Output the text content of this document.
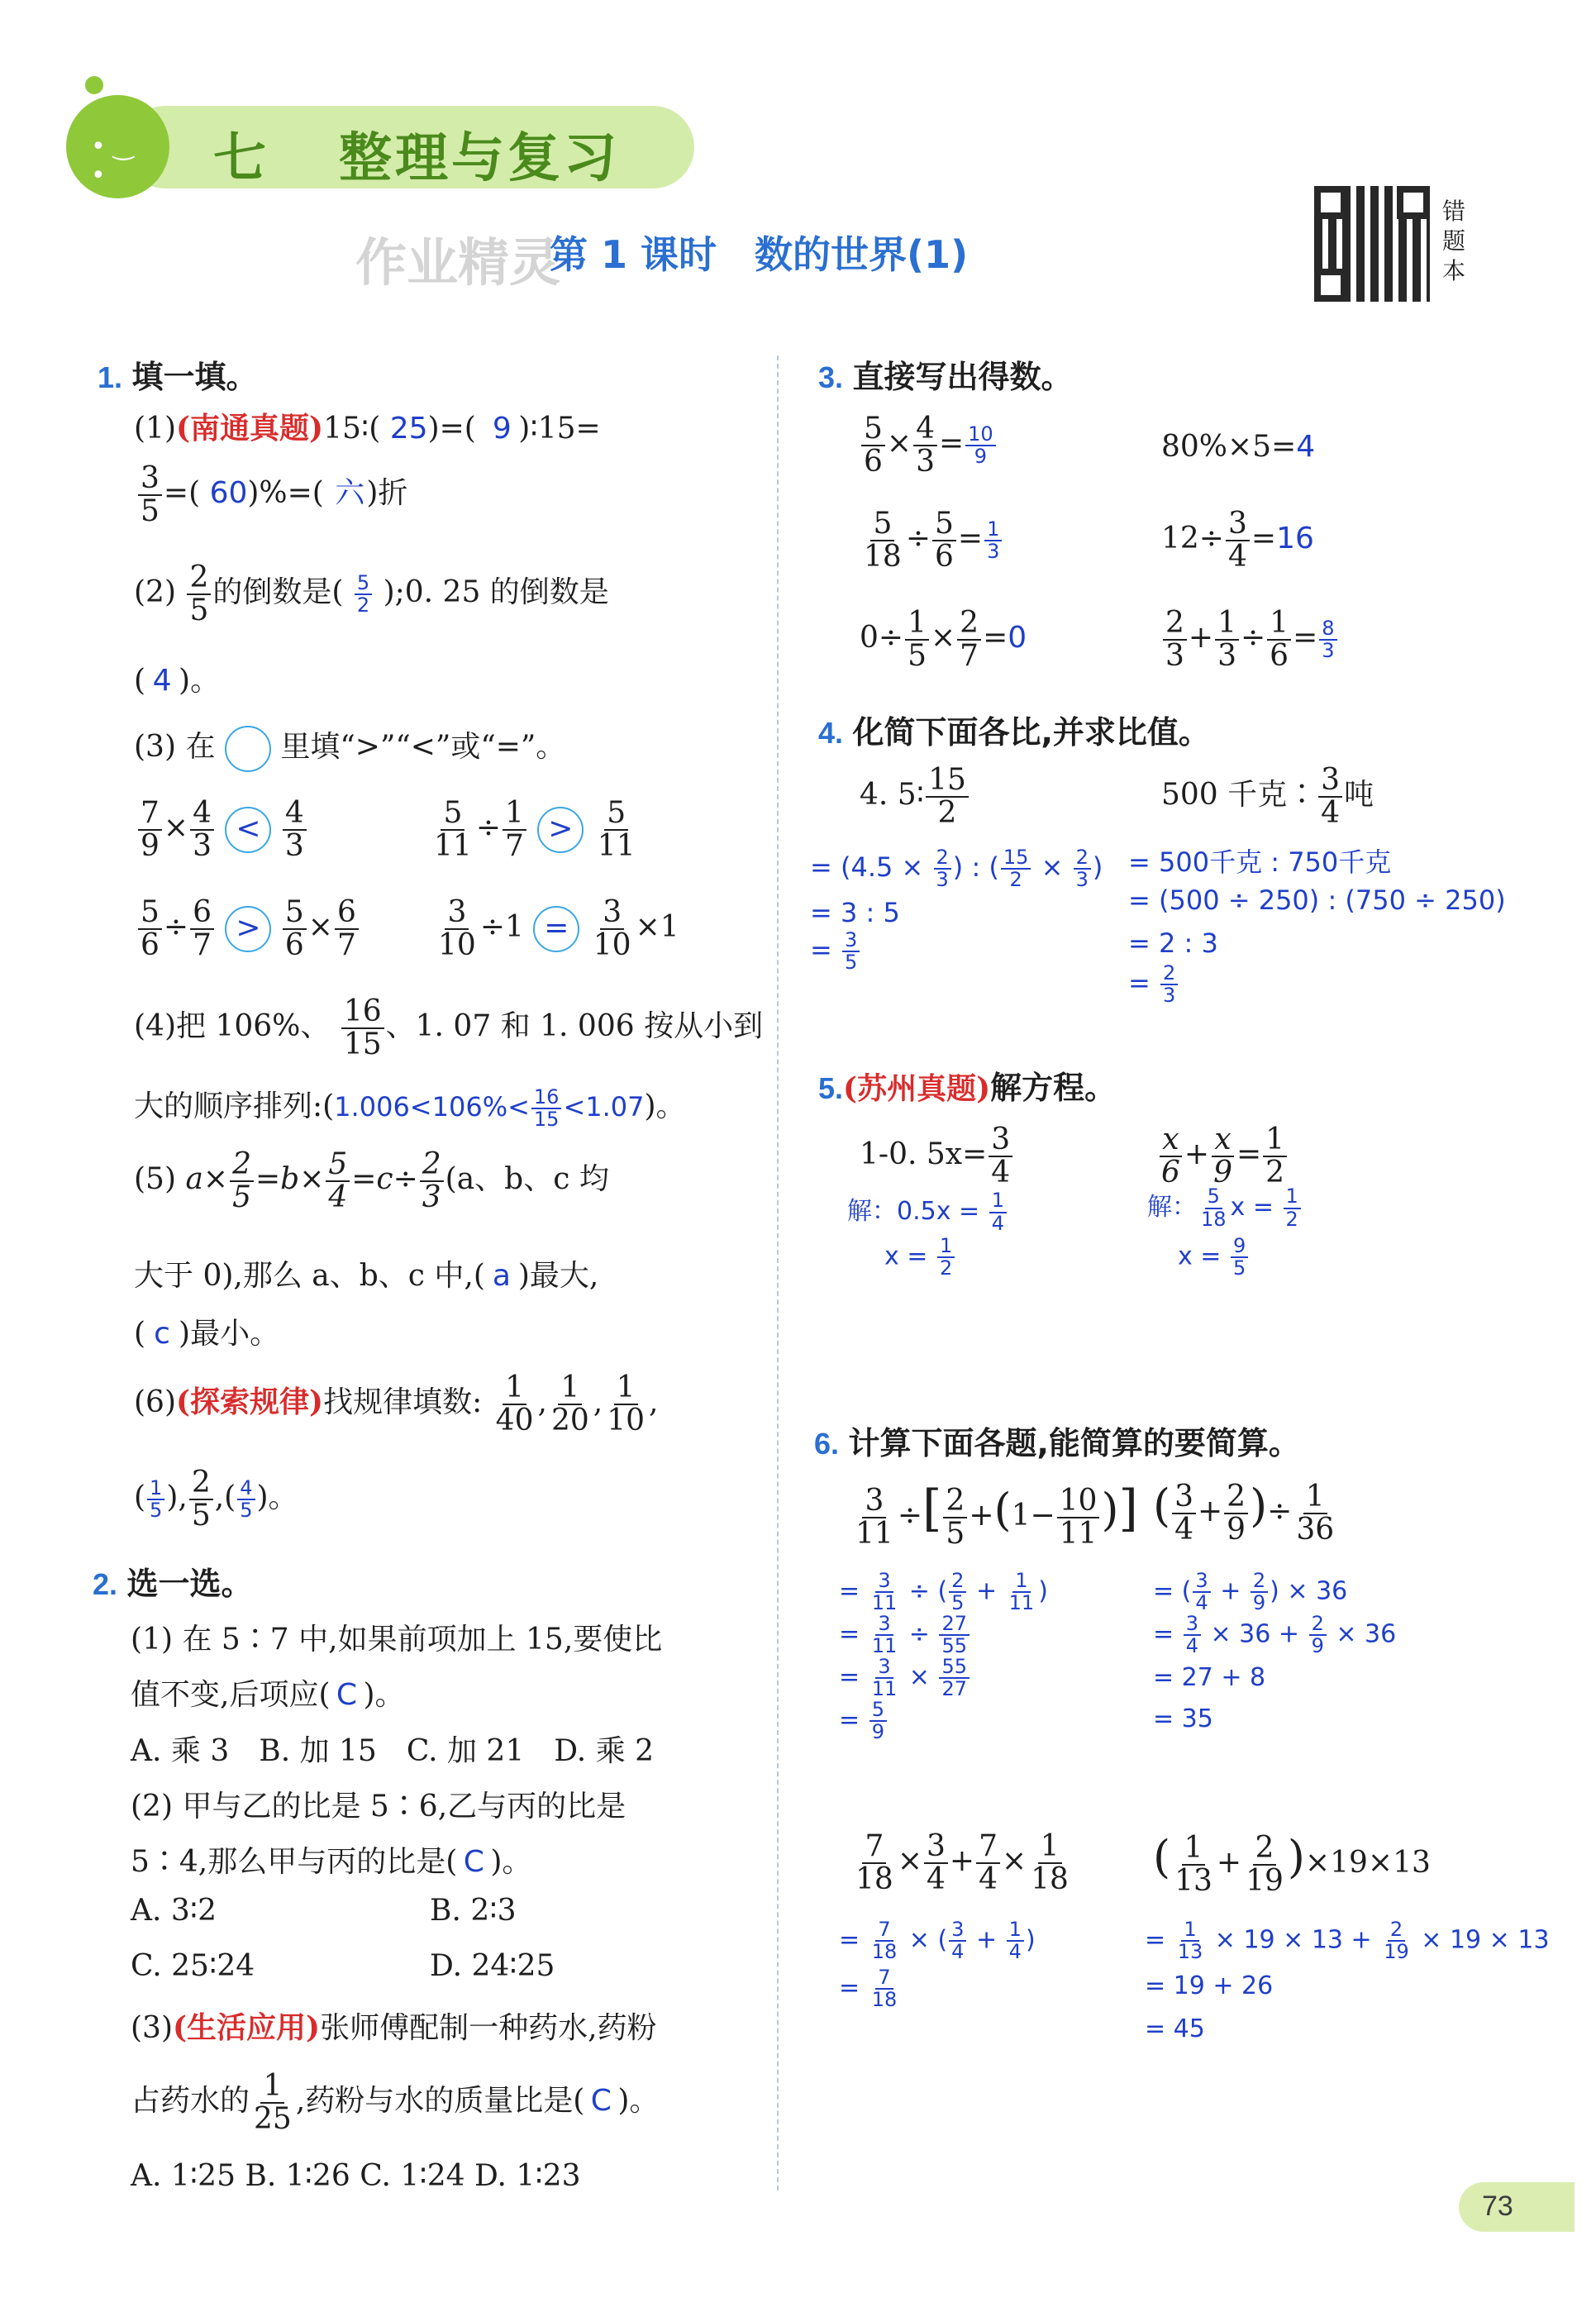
• ‿ •	七 整理与复习
作业精灵
第 1 课时　数的世界(1)
错
题
本
1. 填一填。
(1)(南通真题)15∶( 25)=( 9 )∶15=
$\frac{3}{5}$ =( 60)%=( 六)折
$(2) \frac{2}{5}$ 的倒数是( $\frac{5}{2}$ );0. 25 的倒数是
( 4 )。
(3) 在 里填“>”“<”或“=”。
$\frac{7}{9} \times \frac{4}{3} < \frac{4}{3}$	$\frac{5}{11} \div \frac{1}{7} > \frac{5}{11}$
$\frac{5}{6} \div \frac{6}{7} > \frac{5}{6} \times \frac{6}{7}$	$\frac{3}{10} \div 1 = \frac{3}{10} \times 1$
(4)把 106%、 $\frac{16}{15}$ 、1. 07 和 1. 006 按从小到
大的顺序排列:(1.006<106%< $\frac{16}{15} <1.07$)。
(5) $a\times \frac{2}{5} =b\times \frac{5}{4} =c\div \frac{2}{3} (a$、b、c 均
大于 0),那么 a、b、c 中,( a )最大,
( c )最小。
(6)(探索规律)找规律填数: $\frac{1}{40}$ , $\frac{1}{20}$ , $\frac{1}{10}$ ,
( $\frac{1}{5}$ ), $\frac{2}{5}$ ,( $\frac{4}{5}$ )。
2. 选一选。
(1) 在 5∶7 中,如果前项加上 15,要使比
值不变,后项应( C )。
A. 乘 3　B. 加 15　C. 加 21　D. 乘 2
(2) 甲与乙的比是 5∶6,乙与丙的比是
5∶4,那么甲与丙的比是( C )。
A. 3∶2	B. 2∶3
C. 25∶24	D. 24∶25
(3)(生活应用)张师傅配制一种药水,药粉
占药水的 $\frac{1}{25}$ ,药粉与水的质量比是( C )。
A. 1∶25 B. 1∶26 C. 1∶24 D. 1∶23
3. 直接写出得数。
$\frac{5}{6} \times \frac{4}{3} = \frac{10}{9}$	80%×5=4
$\frac{5}{18} \div \frac{5}{6} = \frac{1}{3}$	$12\div \frac{3}{4} =16$
$0\div \frac{1}{5} \times \frac{2}{7} =0$	$\frac{2}{3} + \frac{1}{3} \div \frac{1}{6} = \frac{8}{3}$
4. 化简下面各比,并求比值。
4. 5∶ $\frac{15}{2}$
= ($4.5 \times \frac{2}{3}$ ) : ( $\frac{15}{2} \times \frac{2}{3}$ )
= 3 : 5
= $\frac{3}{5}$
500 千克∶ $\frac{3}{4}$ 吨
= 500千克 : 750千克
= (500 ÷ 250) : (750 ÷ 250)
= 2 : 3
= $\frac{2}{3}$
5.(苏州真题)解方程。
1-0. $5x= \frac{3}{4}$
解：$0.5x = \frac{1}{4}$
$x = \frac{1}{2}$
$\frac{x}{6} + \frac{x}{9} = \frac{1}{2}$
解： $\frac{5}{18}$ $x = \frac{1}{2}$
$x = \frac{9}{5}$
6. 计算下面各题,能简算的要简算。
$\frac{3}{11}$ ÷[ $\frac{2}{5} +(1- \frac{10}{11}$ )]
= $\frac{3}{11}$ ÷ ( $\frac{2}{5} + \frac{1}{11}$ )
= $\frac{3}{11} \div \frac{27}{55}$
= $\frac{3}{11} \times \frac{55}{27}$
= $\frac{5}{9}$
( $\frac{3}{4} + \frac{2}{9}$ )÷ $\frac{1}{36}$
= ( $\frac{3}{4} + \frac{2}{9}$ ) × 36
= $\frac{3}{4} \times 36 + \frac{2}{9} \times 36$
= 27 + 8
= 35
$\frac{7}{18} \times \frac{3}{4} + \frac{7}{4} \times \frac{1}{18}$
= $\frac{7}{18}$ × ( $\frac{3}{4} + \frac{1}{4}$ )
= $\frac{7}{18}$
( $\frac{1}{13} + \frac{2}{19} )\times 19\times 13$
= $\frac{1}{13} \times 19 \times 13 + \frac{2}{19} \times 19 \times 13$
= 19 + 26
= 45
73
